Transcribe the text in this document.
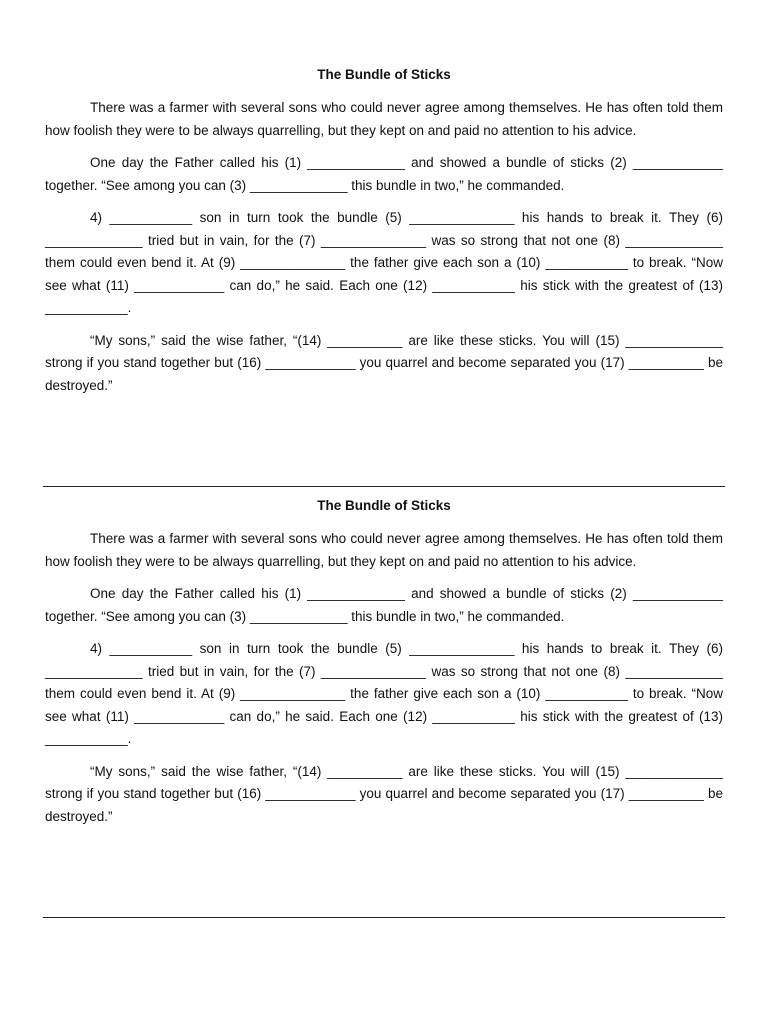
The Bundle of Sticks

There was a farmer with several sons who could never agree among themselves. He has often told them how foolish they were to be always quarrelling, but they kept on and paid no attention to his advice.

One day the Father called his (1) _____________ and showed a bundle of sticks (2) ____________ together. “See among you can (3) _____________ this bundle in two,” he commanded.

4) ___________ son in turn took the bundle (5) ______________ his hands to break it. They (6) _____________ tried but in vain, for the (7) ______________ was so strong that not one (8) _____________ them could even bend it. At (9) ______________ the father give each son a (10) ___________ to break. “Now see what (11) ____________ can do,” he said. Each one (12) ___________ his stick with the greatest of (13) ___________.

“My sons,” said the wise father, “(14) __________ are like these sticks. You will (15) _____________ strong if you stand together but (16) ____________ you quarrel and become separated you (17) __________ be destroyed.”

The Bundle of Sticks

There was a farmer with several sons who could never agree among themselves. He has often told them how foolish they were to be always quarrelling, but they kept on and paid no attention to his advice.

One day the Father called his (1) _____________ and showed a bundle of sticks (2) ____________ together. “See among you can (3) _____________ this bundle in two,” he commanded.

4) ___________ son in turn took the bundle (5) ______________ his hands to break it. They (6) _____________ tried but in vain, for the (7) ______________ was so strong that not one (8) _____________ them could even bend it. At (9) ______________ the father give each son a (10) ___________ to break. “Now see what (11) ____________ can do,” he said. Each one (12) ___________ his stick with the greatest of (13) ___________.

“My sons,” said the wise father, “(14) __________ are like these sticks. You will (15) _____________ strong if you stand together but (16) ____________ you quarrel and become separated you (17) __________ be destroyed.”
